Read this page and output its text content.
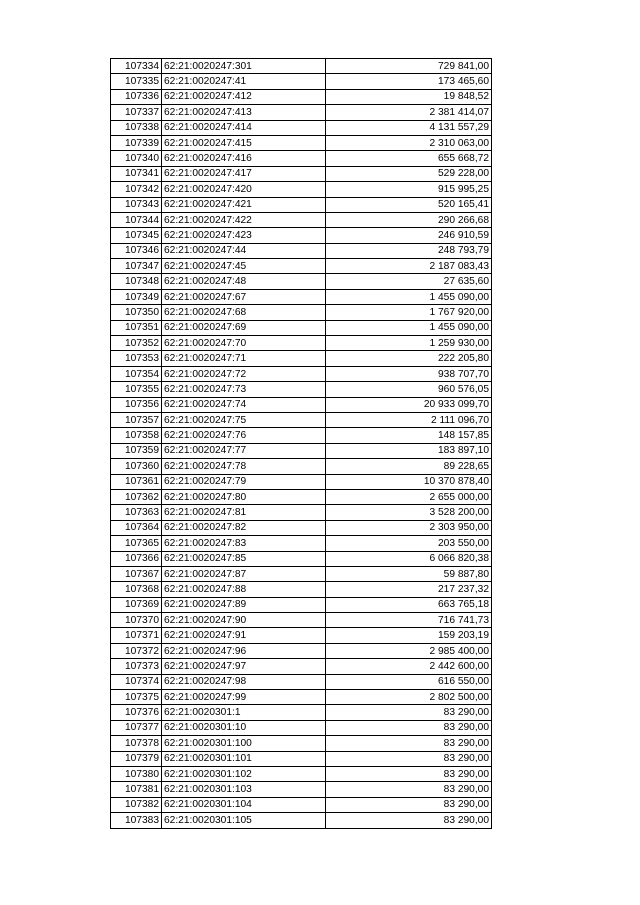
107334	62:21:0020247:301	729 841,00
107335	62:21:0020247:41	173 465,60
107336	62:21:0020247:412	19 848,52
107337	62:21:0020247:413	2 381 414,07
107338	62:21:0020247:414	4 131 557,29
107339	62:21:0020247:415	2 310 063,00
107340	62:21:0020247:416	655 668,72
107341	62:21:0020247:417	529 228,00
107342	62:21:0020247:420	915 995,25
107343	62:21:0020247:421	520 165,41
107344	62:21:0020247:422	290 266,68
107345	62:21:0020247:423	246 910,59
107346	62:21:0020247:44	248 793,79
107347	62:21:0020247:45	2 187 083,43
107348	62:21:0020247:48	27 635,60
107349	62:21:0020247:67	1 455 090,00
107350	62:21:0020247:68	1 767 920,00
107351	62:21:0020247:69	1 455 090,00
107352	62:21:0020247:70	1 259 930,00
107353	62:21:0020247:71	222 205,80
107354	62:21:0020247:72	938 707,70
107355	62:21:0020247:73	960 576,05
107356	62:21:0020247:74	20 933 099,70
107357	62:21:0020247:75	2 111 096,70
107358	62:21:0020247:76	148 157,85
107359	62:21:0020247:77	183 897,10
107360	62:21:0020247:78	89 228,65
107361	62:21:0020247:79	10 370 878,40
107362	62:21:0020247:80	2 655 000,00
107363	62:21:0020247:81	3 528 200,00
107364	62:21:0020247:82	2 303 950,00
107365	62:21:0020247:83	203 550,00
107366	62:21:0020247:85	6 066 820,38
107367	62:21:0020247:87	59 887,80
107368	62:21:0020247:88	217 237,32
107369	62:21:0020247:89	663 765,18
107370	62:21:0020247:90	716 741,73
107371	62:21:0020247:91	159 203,19
107372	62:21:0020247:96	2 985 400,00
107373	62:21:0020247:97	2 442 600,00
107374	62:21:0020247:98	616 550,00
107375	62:21:0020247:99	2 802 500,00
107376	62:21:0020301:1	83 290,00
107377	62:21:0020301:10	83 290,00
107378	62:21:0020301:100	83 290,00
107379	62:21:0020301:101	83 290,00
107380	62:21:0020301:102	83 290,00
107381	62:21:0020301:103	83 290,00
107382	62:21:0020301:104	83 290,00
107383	62:21:0020301:105	83 290,00
